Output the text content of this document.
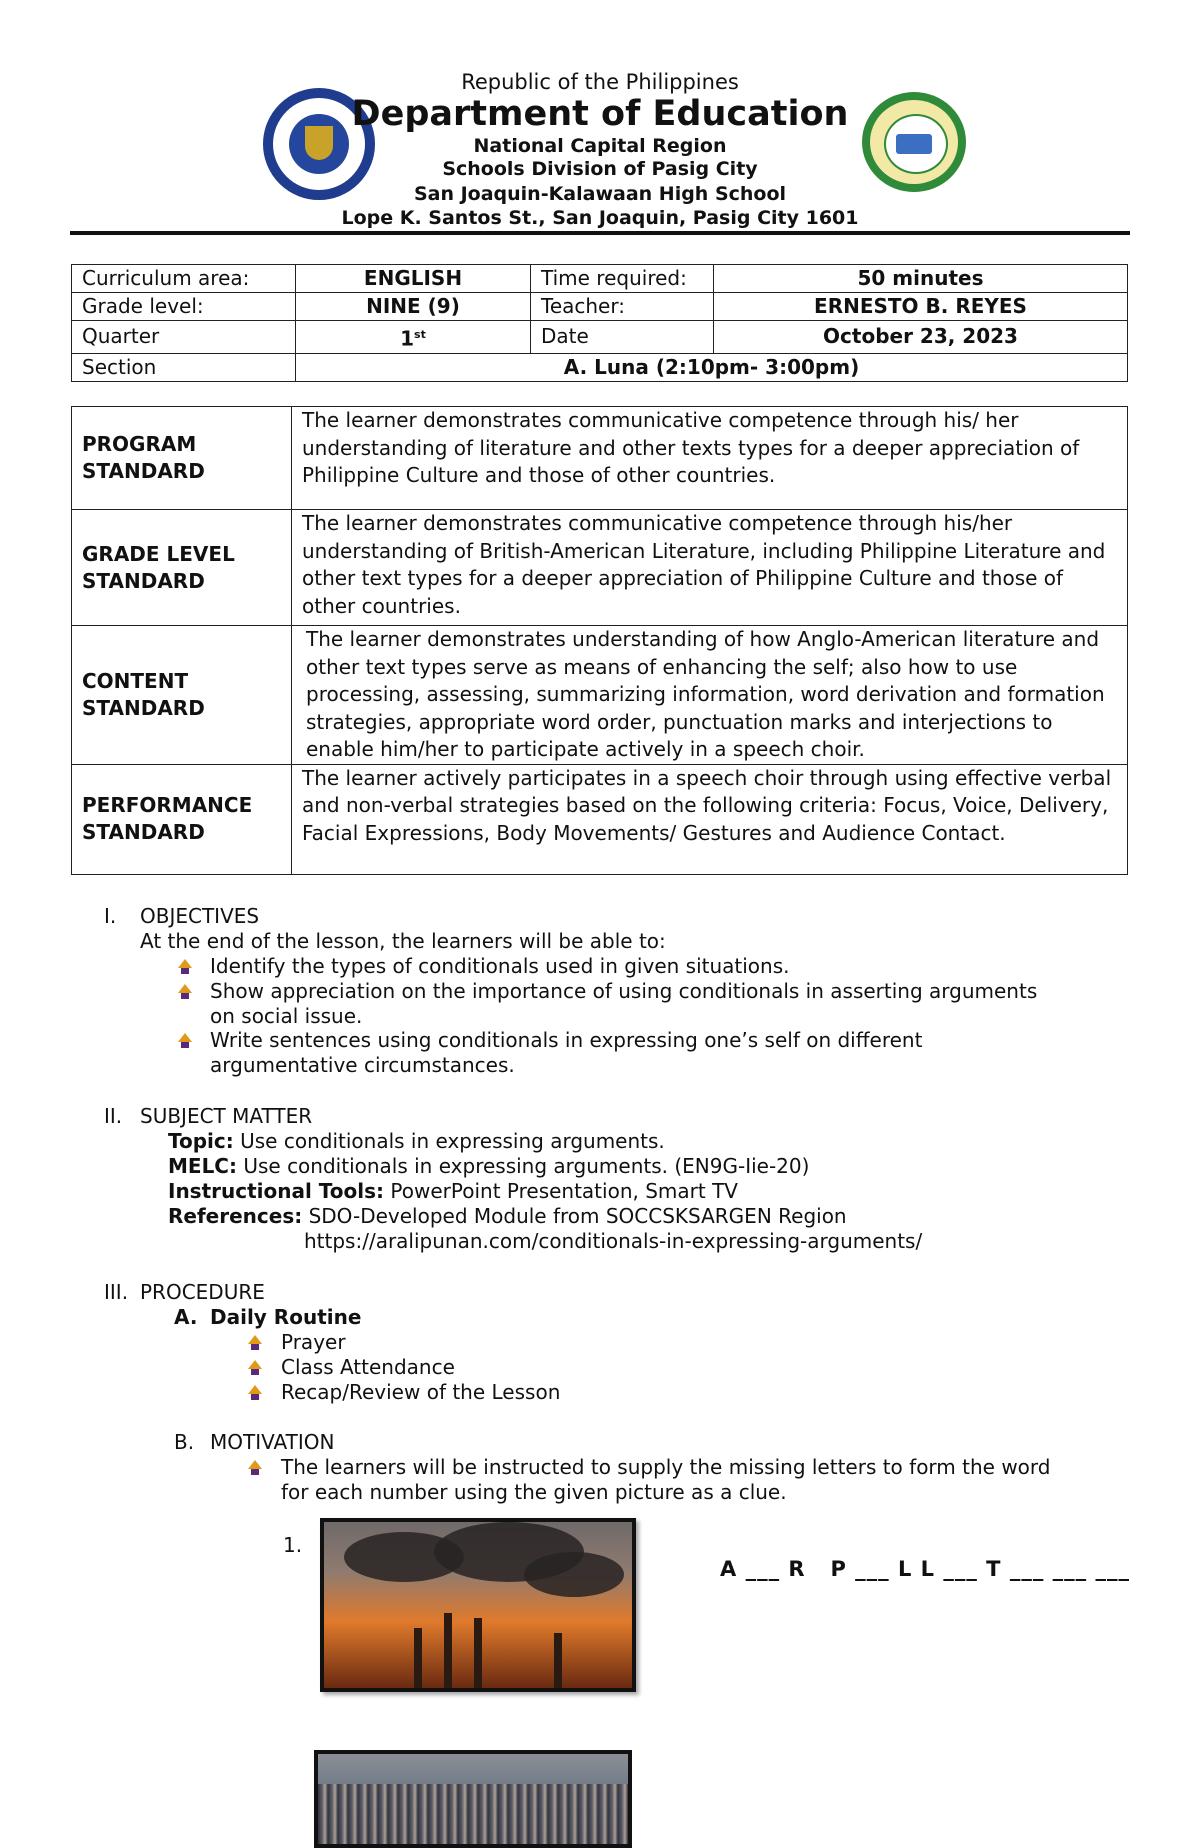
Republic of the Philippines
Department of Education
National Capital Region
Schools Division of Pasig City
San Joaquin-Kalawaan High School
Lope K. Santos St., San Joaquin, Pasig City 1601
Curriculum area:	ENGLISH	Time required:	50 minutes
Grade level:	NINE (9)	Teacher:	ERNESTO B. REYES
Quarter	1st	Date	October 23, 2023
Section	A. Luna (2:10pm- 3:00pm)		
PROGRAM
STANDARD	The learner demonstrates communicative competence through his/ her understanding of literature and other texts types for a deeper appreciation of Philippine Culture and those of other countries.

GRADE LEVEL
STANDARD	The learner demonstrates communicative competence through his/her understanding of British-American Literature, including Philippine Literature and other text types for a deeper appreciation of Philippine Culture and those of other countries.

CONTENT
STANDARD	The learner demonstrates understanding of how Anglo-American literature and other text types serve as means of enhancing the self; also how to use processing, assessing, summarizing information, word derivation and formation strategies, appropriate word order, punctuation marks and interjections to enable him/her to participate actively in a speech choir.

PERFORMANCE
STANDARD	The learner actively participates in a speech choir through using effective verbal and non-verbal strategies based on the following criteria: Focus, Voice, Delivery, Facial Expressions, Body Movements/ Gestures and Audience Contact.
I. OBJECTIVES
At the end of the lesson, the learners will be able to:
Identify the types of conditionals used in given situations.
Show appreciation on the importance of using conditionals in asserting arguments
on social issue.
Write sentences using conditionals in expressing one’s self on different
argumentative circumstances.
II. SUBJECT MATTER
Topic: Use conditionals in expressing arguments.
MELC: Use conditionals in expressing arguments. (EN9G-Iie-20)
Instructional Tools: PowerPoint Presentation, Smart TV
References: SDO-Developed Module from SOCCSKSARGEN Region
https://aralipunan.com/conditionals-in-expressing-arguments/
III. PROCEDURE
A. Daily Routine
Prayer
Class Attendance
Recap/Review of the Lesson
B. MOTIVATION
The learners will be instructed to supply the missing letters to form the word
for each number using the given picture as a clue.
1.
A ___ R   P ___ L L ___ T ___ ___ ___
